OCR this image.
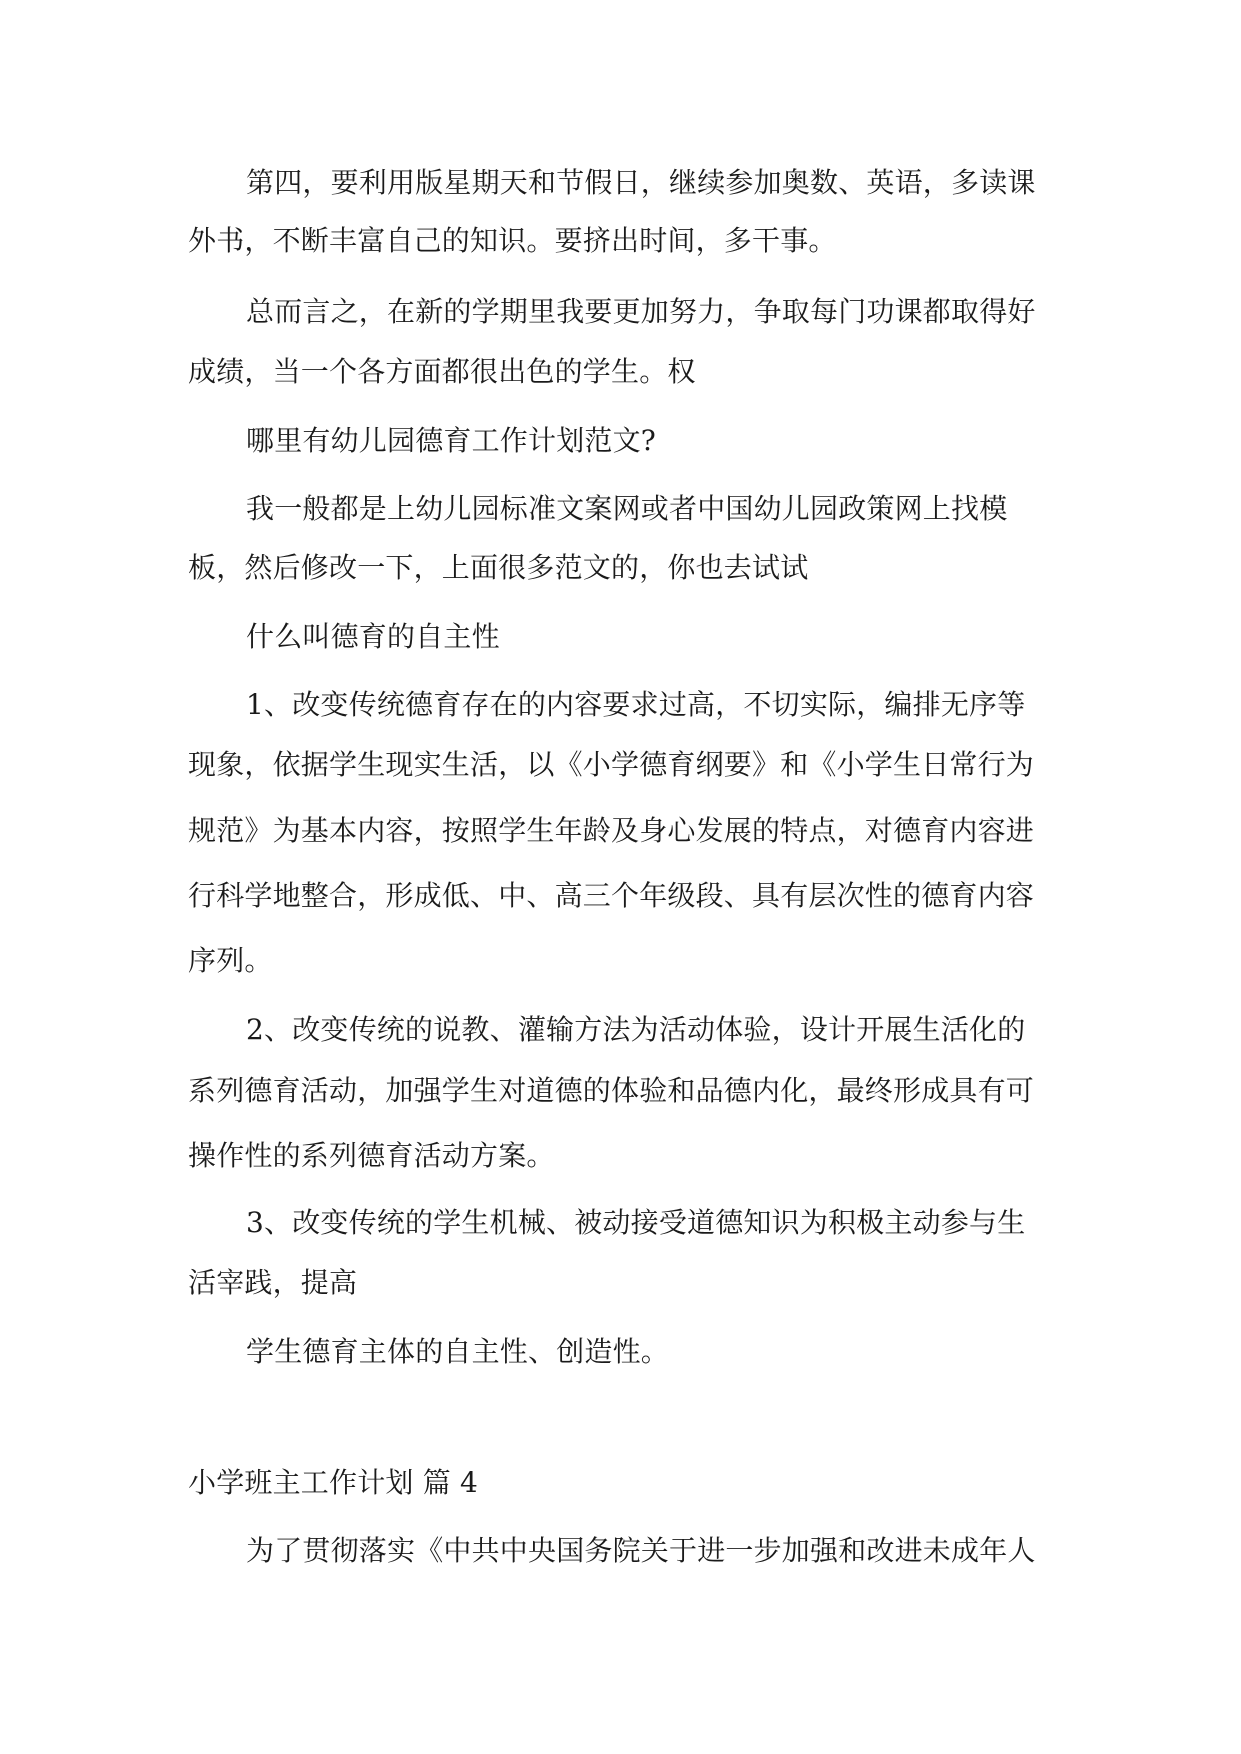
第四，要利用版星期天和节假日，继续参加奥数、英语，多读课
外书，不断丰富自己的知识。要挤出时间，多干事。
总而言之，在新的学期里我要更加努力，争取每门功课都取得好
成绩，当一个各方面都很出色的学生。权
哪里有幼儿园德育工作计划范文?
我一般都是上幼儿园标准文案网或者中国幼儿园政策网上找模
板，然后修改一下，上面很多范文的，你也去试试
什么叫德育的自主性
1、改变传统德育存在的内容要求过高，不切实际，编排无序等
现象，依据学生现实生活，以《小学德育纲要》和《小学生日常行为
规范》为基本内容，按照学生年龄及身心发展的特点，对德育内容进
行科学地整合，形成低、中、高三个年级段、具有层次性的德育内容
序列。
2、改变传统的说教、灌输方法为活动体验，设计开展生活化的
系列德育活动，加强学生对道德的体验和品德内化，最终形成具有可
操作性的系列德育活动方案。
3、改变传统的学生机械、被动接受道德知识为积极主动参与生
活宰践，提高
学生德育主体的自主性、创造性。
小学班主工作计划 篇 4
为了贯彻落实《中共中央国务院关于进一步加强和改进未成年人
